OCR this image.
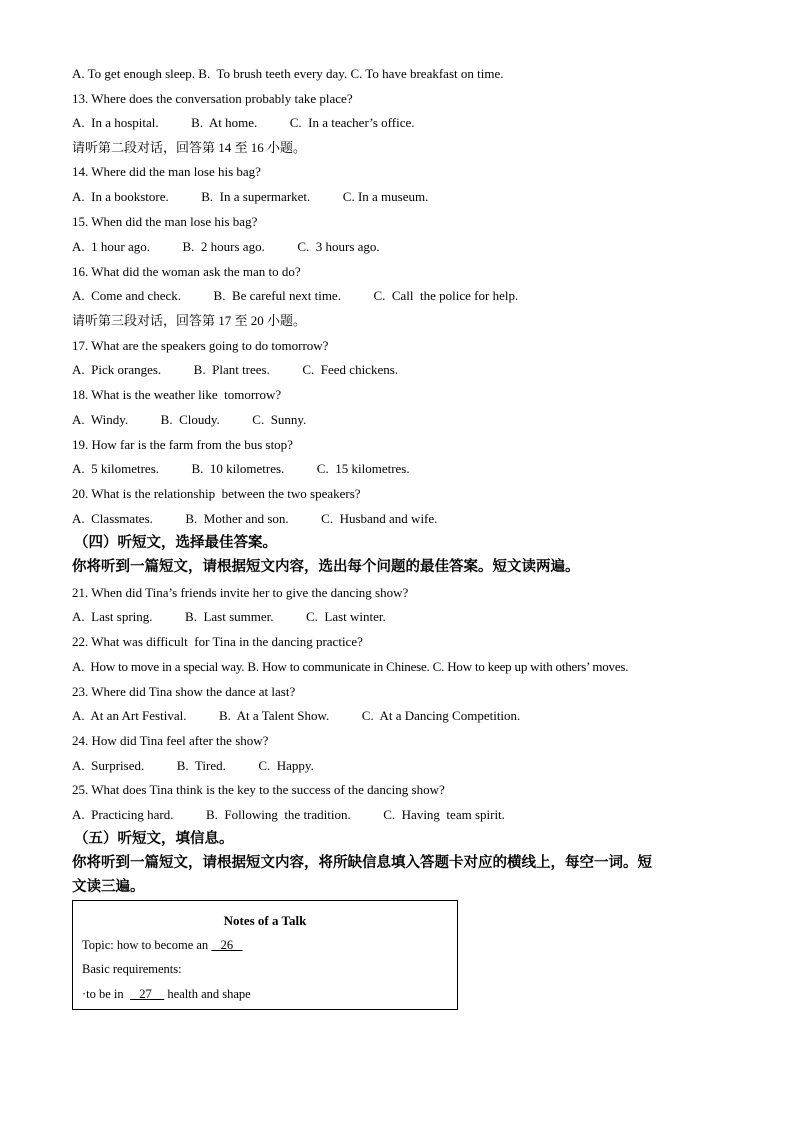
A. To get enough sleep. B.  To brush teeth every day. C. To have breakfast on time.
13. Where does the conversation probably take place?
A.  In a hospital.          B.  At home.          C.  In a teacher’s office.
请听第二段对话，回答第 14 至 16 小题。
14. Where did the man lose his bag?
A.  In a bookstore.          B.  In a supermarket.          C. In a museum.
15. When did the man lose his bag?
A.  1 hour ago.          B.  2 hours ago.          C.  3 hours ago.
16. What did the woman ask the man to do?
A.  Come and check.          B.  Be careful next time.          C.  Call  the police for help.
请听第三段对话，回答第 17 至 20 小题。
17. What are the speakers going to do tomorrow?
A.  Pick oranges.          B.  Plant trees.          C.  Feed chickens.
18. What is the weather like  tomorrow?
A.  Windy.          B.  Cloudy.          C.  Sunny.
19. How far is the farm from the bus stop?
A.  5 kilometres.          B.  10 kilometres.          C.  15 kilometres.
20. What is the relationship  between the two speakers?
A.  Classmates.          B.  Mother and son.          C.  Husband and wife.
（四）听短文，选择最佳答案。
你将听到一篇短文，请根据短文内容，选出每个问题的最佳答案。短文读两遍。
21. When did Tina’s friends invite her to give the dancing show?
A.  Last spring.          B.  Last summer.          C.  Last winter.
22. What was difficult  for Tina in the dancing practice?
A.  How to move in a special way. B. How to communicate in Chinese. C. How to keep up with others’ moves.
23. Where did Tina show the dance at last?
A.  At an Art Festival.          B.  At a Talent Show.          C.  At a Dancing Competition.
24. How did Tina feel after the show?
A.  Surprised.          B.  Tired.          C.  Happy.
25. What does Tina think is the key to the success of the dancing show?
A.  Practicing hard.          B.  Following  the tradition.          C.  Having  team spirit.
（五）听短文，填信息。
你将听到一篇短文，请根据短文内容，将所缺信息填入答题卡对应的横线上，每空一词。短
文读三遍。
Notes of a Talk
Topic: how to become an    26
Basic requirements:
·to be in     27     health and shape
